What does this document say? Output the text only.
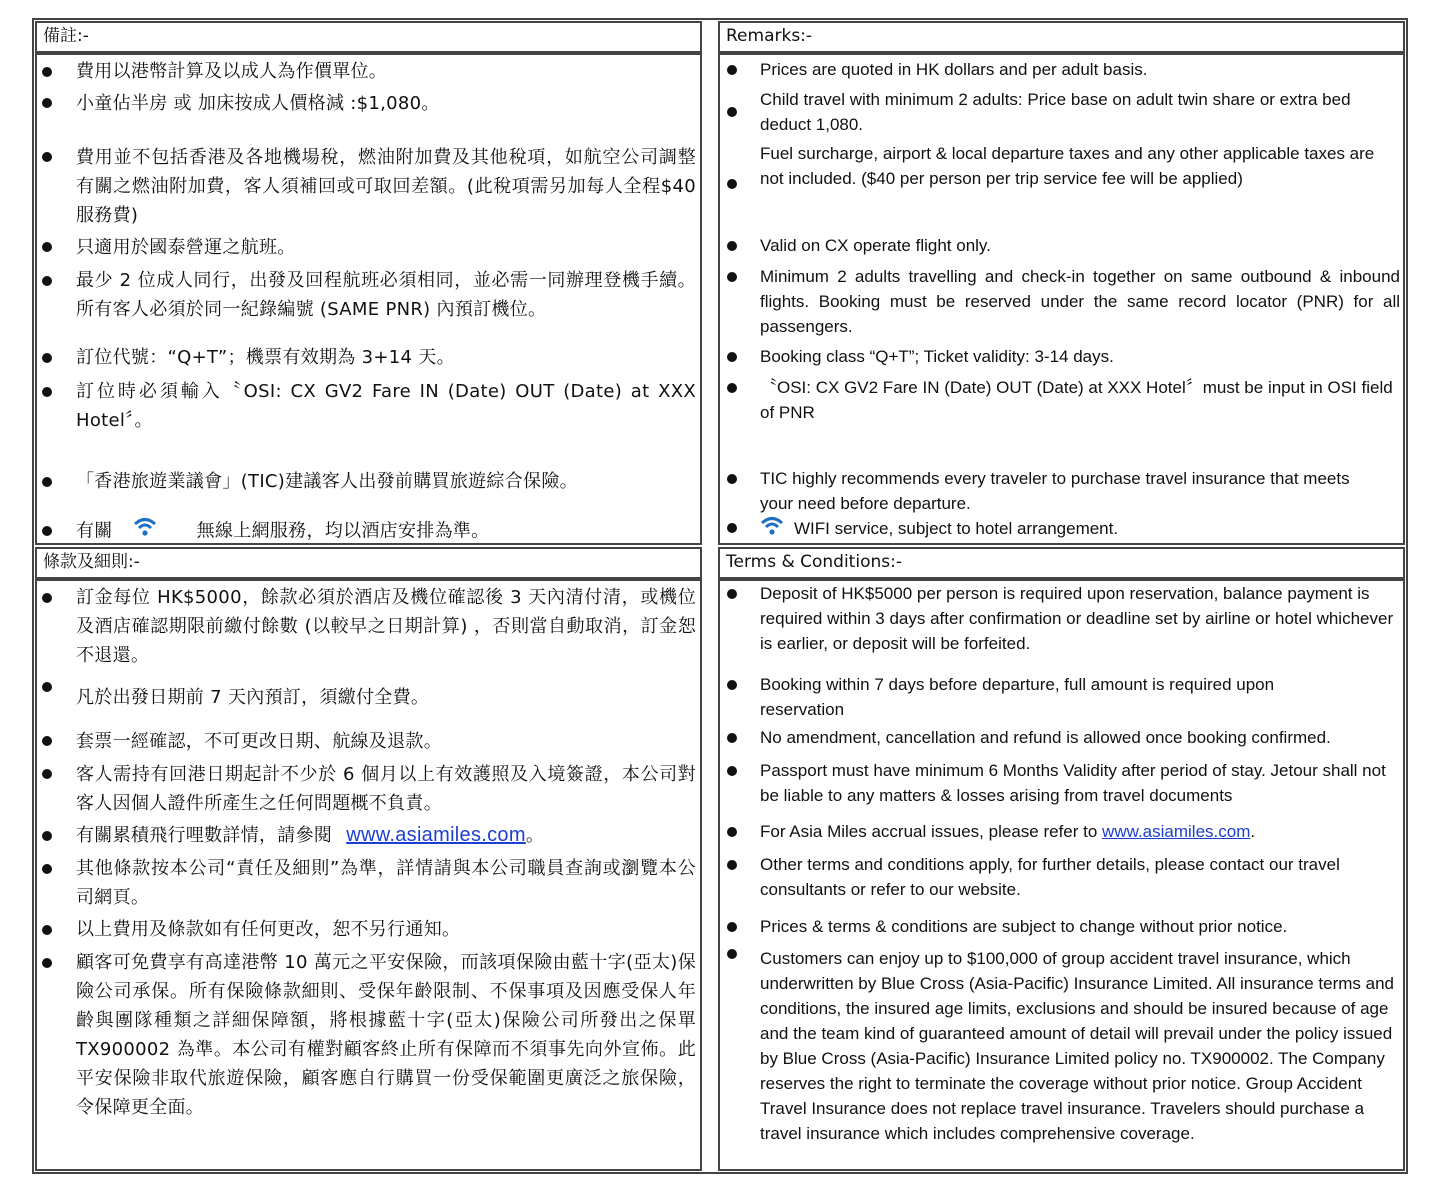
備註:-	Remarks:-
條款及細則:-	Terms & Conditions:-
費用以港幣計算及以成人為作價單位。
小童佔半房 或 加床按成人價格減 :$1,080。
費用並不包括香港及各地機場稅，燃油附加費及其他稅項，如航空公司調整有關之燃油附加費，客人須補回或可取回差額。(此稅項需另加每人全程$40 服務費)
只適用於國泰營運之航班。
最少 2 位成人同行，出發及回程航班必須相同，並必需一同辦理登機手續。所有客人必須於同一紀錄編號 (SAME PNR) 內預訂機位。
訂位代號：“Q+T”；機票有效期為 3+14 天。
訂位時必須輸入〝OSI: CX GV2 Fare IN (Date) OUT (Date) at XXX Hotel〞。
「香港旅遊業議會」(TIC)建議客人出發前購買旅遊綜合保險。
有關	無線上網服務，均以酒店安排為準。
Prices are quoted in HK dollars and per adult basis.
Child travel with minimum 2 adults: Price base on adult twin share or extra bed deduct 1,080.
Fuel surcharge, airport & local departure taxes and any other applicable taxes are not included. ($40 per person per trip service fee will be applied)
Valid on CX operate flight only.
Minimum 2 adults travelling and check-in together on same outbound & inbound flights. Booking must be reserved under the same record locator (PNR) for all passengers.
Booking class “Q+T”; Ticket validity: 3-14 days.
〝OSI: CX GV2 Fare IN (Date) OUT (Date) at XXX Hotel〞must be input in OSI field of PNR
TIC highly recommends every traveler to purchase travel insurance that meets your need before departure.
WIFI service, subject to hotel arrangement.
訂金每位 HK$5000，餘款必須於酒店及機位確認後 3 天內清付清，或機位及酒店確認期限前繳付餘數 (以較早之日期計算) ，否則當自動取消，訂金恕不退還。
凡於出發日期前 7 天內預訂，須繳付全費。
套票一經確認，不可更改日期、航線及退款。
客人需持有回港日期起計不少於 6 個月以上有效護照及入境簽證，本公司對客人因個人證件所產生之任何問題概不負責。
有關累積飛行哩數詳情，請參閱 www.asiamiles.com。
其他條款按本公司“責任及細則”為準，詳情請與本公司職員查詢或瀏覽本公司網頁。
以上費用及條款如有任何更改，恕不另行通知。
顧客可免費享有高達港幣 10 萬元之平安保險，而該項保險由藍十字(亞太)保險公司承保。所有保險條款細則、受保年齡限制、不保事項及因應受保人年齡與團隊種類之詳細保障額，將根據藍十字(亞太)保險公司所發出之保單 TX900002 為準。本公司有權對顧客終止所有保障而不須事先向外宣佈。此平安保險非取代旅遊保險，顧客應自行購買一份受保範圍更廣泛之旅保險，令保障更全面。
Deposit of HK$5000 per person is required upon reservation, balance payment is required within 3 days after confirmation or deadline set by airline or hotel whichever is earlier, or deposit will be forfeited.
Booking within 7 days before departure, full amount is required upon reservation
No amendment, cancellation and refund is allowed once booking confirmed.
Passport must have minimum 6 Months Validity after period of stay. Jetour shall not be liable to any matters & losses arising from travel documents
For Asia Miles accrual issues, please refer to www.asiamiles.com.
Other terms and conditions apply, for further details, please contact our travel consultants or refer to our website.
Prices & terms & conditions are subject to change without prior notice.
Customers can enjoy up to $100,000 of group accident travel insurance, which underwritten by Blue Cross (Asia-Pacific) Insurance Limited. All insurance terms and conditions, the insured age limits, exclusions and should be insured because of age and the team kind of guaranteed amount of detail will prevail under the policy issued by Blue Cross (Asia-Pacific) Insurance Limited policy no. TX900002. The Company reserves the right to terminate the coverage without prior notice. Group Accident Travel Insurance does not replace travel insurance. Travelers should purchase a travel insurance which includes comprehensive coverage.
